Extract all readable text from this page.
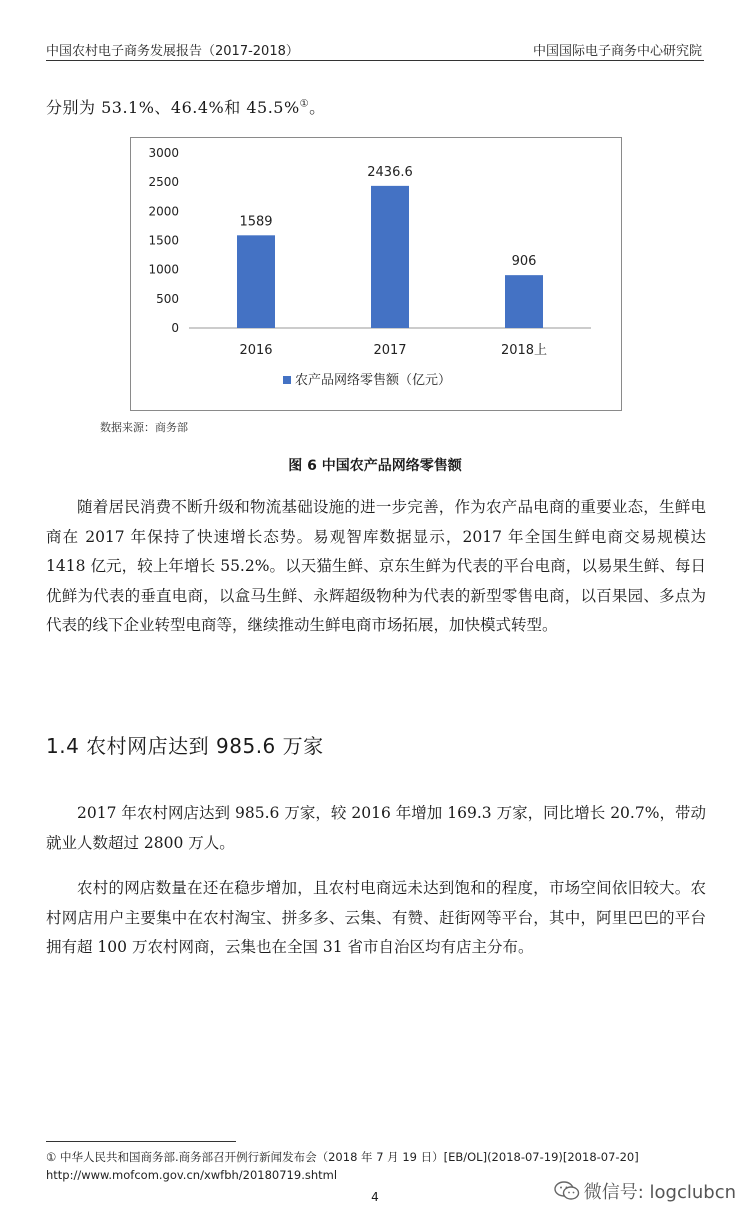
中国农村电子商务发展报告（2017-2018）	中国国际电子商务中心研究院
分别为 53.1%、46.4%和 45.5%①。
0
500
1000
1500
2000
2500
3000
1589
2016
2436.6
2017
906
2018上
农产品网络零售额（亿元）
数据来源：商务部
图 6 中国农产品网络零售额

随着居民消费不断升级和物流基础设施的进一步完善，作为农产品电商的重要业态，生鲜电商在 2017 年保持了快速增长态势。易观智库数据显示，2017 年全国生鲜电商交易规模达 1418 亿元，较上年增长 55.2%。以天猫生鲜、京东生鲜为代表的平台电商，以易果生鲜、每日优鲜为代表的垂直电商，以盒马生鲜、永辉超级物种为代表的新型零售电商，以百果园、多点为代表的线下企业转型电商等，继续推动生鲜电商市场拓展，加快模式转型。

1.4 农村网店达到 985.6 万家

2017 年农村网店达到 985.6 万家，较 2016 年增加 169.3 万家，同比增长 20.7%，带动就业人数超过 2800 万人。

农村的网店数量在还在稳步增加，且农村电商远未达到饱和的程度，市场空间依旧较大。农村网店用户主要集中在农村淘宝、拼多多、云集、有赞、赶街网等平台，其中，阿里巴巴的平台拥有超 100 万农村网商，云集也在全国 31 省市自治区均有店主分布。

① 中华人民共和国商务部.商务部召开例行新闻发布会（2018 年 7 月 19 日）[EB/OL](2018-07-19)[2018-07-20] http://www.mofcom.gov.cn/xwfbh/20180719.shtml

4	微信号: logclubcn
